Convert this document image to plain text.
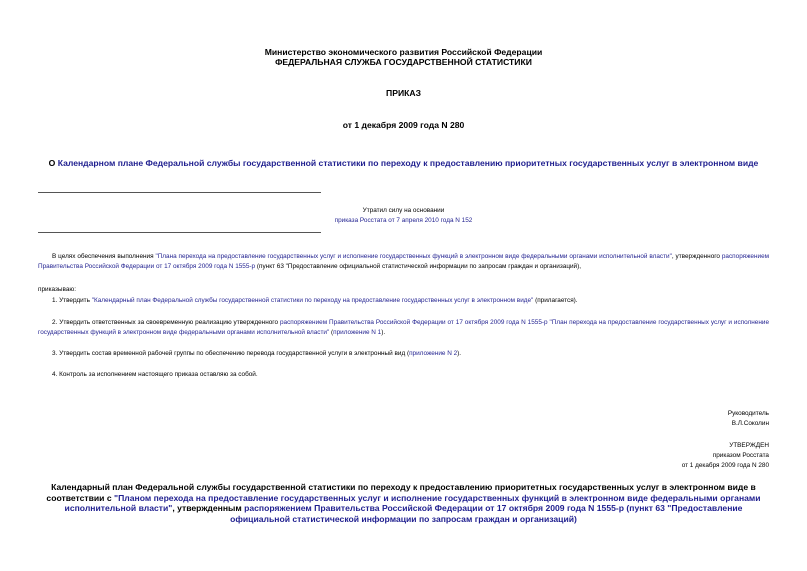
Министерство экономического развития Российской Федерации
ФЕДЕРАЛЬНАЯ СЛУЖБА ГОСУДАРСТВЕННОЙ СТАТИСТИКИ
ПРИКАЗ
от 1 декабря 2009 года N 280
О Календарном плане Федеральной службы государственной статистики по переходу к предоставлению приоритетных государственных услуг в электронном виде
Утратил силу на основании
приказа Росстата от 7 апреля 2010 года N 152
В целях обеспечения выполнения "Плана перехода на предоставление государственных услуг и исполнение государственных функций в электронном виде федеральными органами исполнительной власти", утвержденного распоряжением Правительства Российской Федерации от 17 октября 2009 года N 1555-р (пункт 63 "Предоставление официальной статистической информации по запросам граждан и организаций),
приказываю:
1. Утвердить "Календарный план Федеральной службы государственной статистики по переходу на предоставление государственных услуг в электронном виде" (прилагается).
2. Утвердить ответственных за своевременную реализацию утвержденного распоряжением Правительства Российской Федерации от 17 октября 2009 года N 1555-р "План перехода на предоставление государственных услуг и исполнение государственных функций в электронном виде федеральными органами исполнительной власти" (приложение N 1).
3. Утвердить состав временной рабочей группы по обеспечению перевода государственной услуги в электронный вид (приложение N 2).
4. Контроль за исполнением настоящего приказа оставляю за собой.
Руководитель
В.Л.Соколин
УТВЕРЖДЕН
приказом Росстата
от 1 декабря 2009 года N 280
Календарный план Федеральной службы государственной статистики по переходу к предоставлению приоритетных государственных услуг в электронном виде в соответствии с "Планом перехода на предоставление государственных услуг и исполнение государственных функций в электронном виде федеральными органами исполнительной власти", утвержденным распоряжением Правительства Российской Федерации от 17 октября 2009 года N 1555-р (пункт 63 "Предоставление официальной статистической информации по запросам граждан и организаций)
